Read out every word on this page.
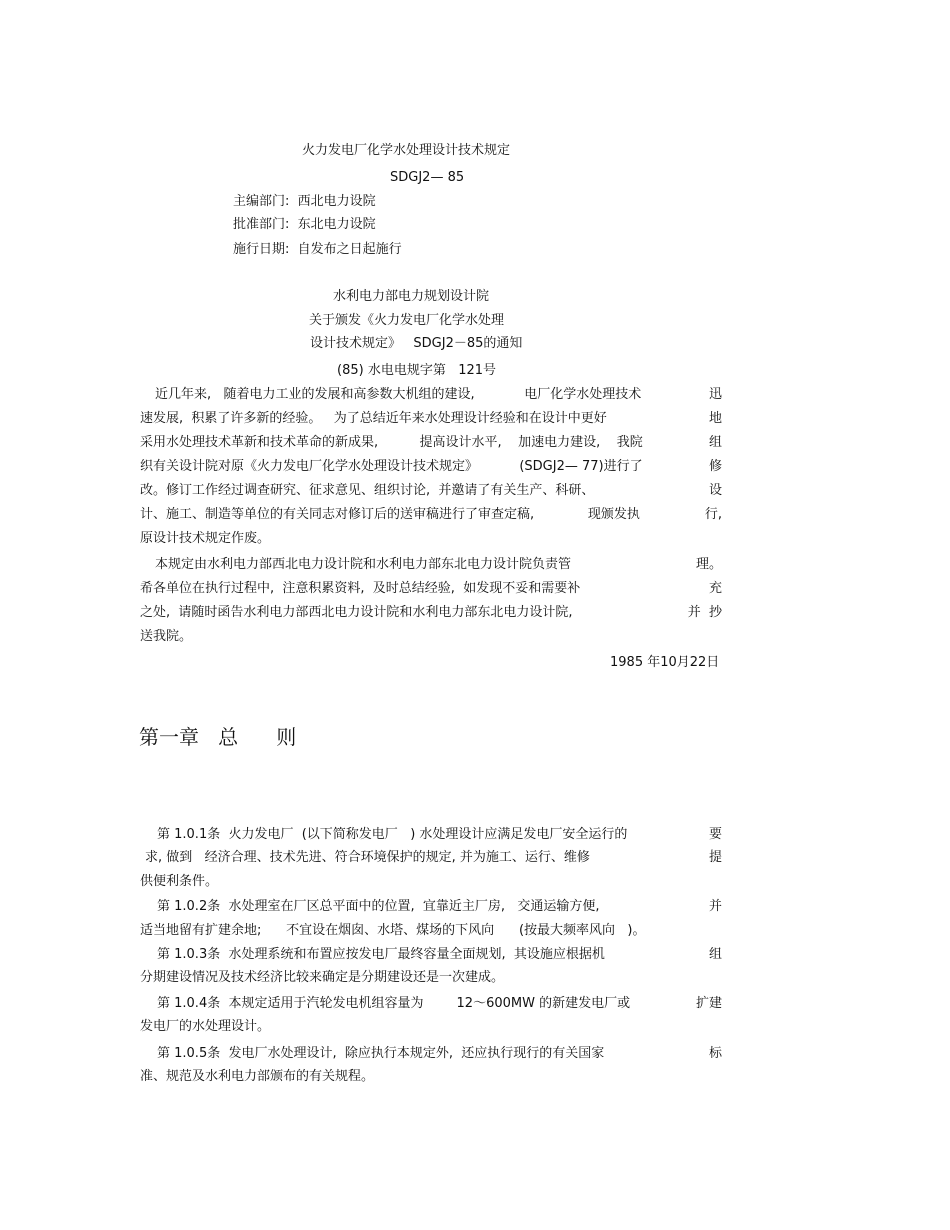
火力发电厂化学水处理设计技术规定
SDGJ2— 85
主编部门:  西北电力设院
批准部门:  东北电力设院
施行日期:  自发布之日起施行
水利电力部电力规划设计院
关于颁发《火力发电厂化学水处理
设计技术规定》   SDGJ2－85的通知
(85) 水电电规字第   121号
近几年来,   随着电力工业的发展和高参数大机组的建设,            电厂化学水处理技术	迅
速发展,  积累了许多新的经验。   为了总结近年来水处理设计经验和在设计中更好	地
采用水处理技术革新和技术革命的新成果,          提高设计水平,    加速电力建设,    我院	组
织有关设计院对原《火力发电厂化学水处理设计技术规定》          (SDGJ2— 77)进行了	修
改。修订工作经过调查研究、征求意见、组织讨论,  并邀请了有关生产、科研、	设
计、施工、制造等单位的有关同志对修订后的送审稿进行了审查定稿,             现颁发执	行,
原设计技术规定作废。
本规定由水利电力部西北电力设计院和水利电力部东北电力设计院负责管	理。
希各单位在执行过程中,  注意积累资料,  及时总结经验,  如发现不妥和需要补	充
之处,  请随时函告水利电力部西北电力设计院和水利电力部东北电力设计院,	并  抄
送我院。
1985 年10月22日
第一章   总      则
第 1.0.1条  火力发电厂  (以下简称发电厂   ) 水处理设计应满足发电厂安全运行的	要
求, 做到   经济合理、技术先进、符合环境保护的规定, 并为施工、运行、维修	提
供便利条件。
第 1.0.2条  水处理室在厂区总平面中的位置,  宜靠近主厂房,   交通运输方便,	并
适当地留有扩建余地;      不宜设在烟囱、水塔、煤场的下风向      (按最大频率风向   )。
第 1.0.3条  水处理系统和布置应按发电厂最终容量全面规划,  其设施应根据机	组
分期建设情况及技术经济比较来确定是分期建设还是一次建成。
第 1.0.4条  本规定适用于汽轮发电机组容量为        12～600MW 的新建发电厂或	扩建
发电厂的水处理设计。
第 1.0.5条  发电厂水处理设计,  除应执行本规定外,  还应执行现行的有关国家	标
准、规范及水利电力部颁布的有关规程。
